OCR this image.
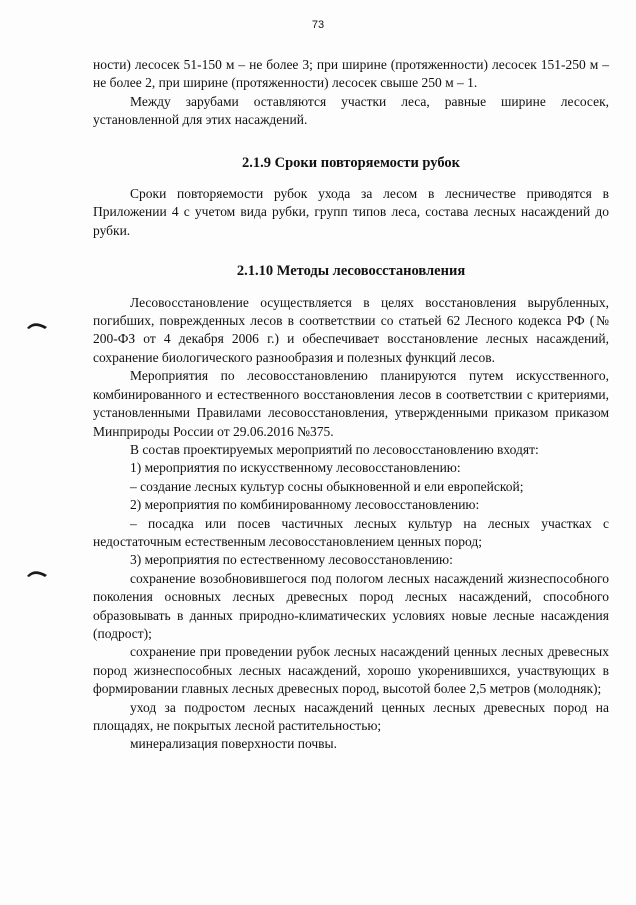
73

ности) лесосек 51-150 м – не более 3; при ширине (протяженности) лесосек 151-250 м – не более 2, при ширине (протяженности) лесосек свыше 250 м – 1.

Между зарубами оставляются участки леса, равные ширине лесосек, установленной для этих насаждений.

2.1.9 Сроки повторяемости рубок

Сроки повторяемости рубок ухода за лесом в лесничестве приводятся в Приложении 4 с учетом вида рубки, групп типов леса, состава лесных насаждений до рубки.

2.1.10 Методы лесовосстановления

Лесовосстановление осуществляется в целях восстановления вырубленных, погибших, поврежденных лесов в соответствии со статьей 62 Лесного кодекса РФ (№ 200-ФЗ от 4 декабря 2006 г.) и обеспечивает восстановление лесных насаждений, сохранение биологического разнообразия и полезных функций лесов.

Мероприятия по лесовосстановлению планируются путем искусственного, комбинированного и естественного восстановления лесов в соответствии с критериями, установленными Правилами лесовосстановления, утвержденными приказом приказом Минприроды России от 29.06.2016 №375.

В состав проектируемых мероприятий по лесовосстановлению входят:

1) мероприятия по искусственному лесовосстановлению:

– создание лесных культур сосны обыкновенной и ели европейской;

2) мероприятия по комбинированному лесовосстановлению:

– посадка или посев частичных лесных культур на лесных участках с недостаточным естественным лесовосстановлением ценных пород;

3) мероприятия по естественному лесовосстановлению:

сохранение возобновившегося под пологом лесных насаждений жизнеспособного поколения основных лесных древесных пород лесных насаждений, способного образовывать в данных природно-климатических условиях новые лесные насаждения (подрост);

сохранение при проведении рубок лесных насаждений ценных лесных древесных пород жизнеспособных лесных насаждений, хорошо укоренившихся, участвующих в формировании главных лесных древесных пород, высотой более 2,5 метров (молодняк);

уход за подростом лесных насаждений ценных лесных древесных пород на площадях, не покрытых лесной растительностью;

минерализация поверхности почвы.
